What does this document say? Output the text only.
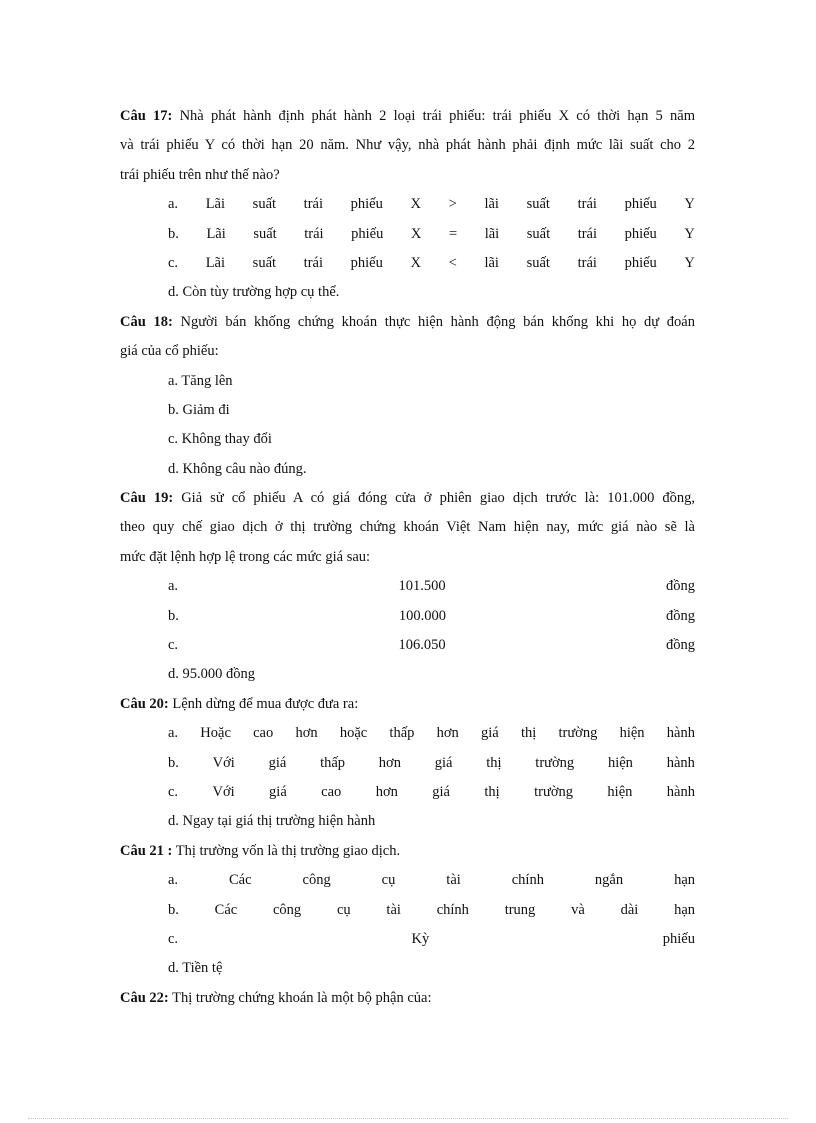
Câu 17: Nhà phát hành định phát hành 2 loại trái phiếu: trái phiếu X có thời hạn 5 năm
và trái phiếu Y có thời hạn 20 năm. Như vậy, nhà phát hành phải định mức lãi suất cho 2
trái phiếu trên như thế nào?
a. Lãi suất trái phiếu X > lãi suất trái phiếu Y
b. Lãi suất trái phiếu X = lãi suất trái phiếu Y
c. Lãi suất trái phiếu X < lãi suất trái phiếu Y
d. Còn tùy trường hợp cụ thể.
Câu 18: Người bán khống chứng khoán thực hiện hành động bán khống khi họ dự đoán
giá của cổ phiếu:
a. Tăng lên
b. Giảm đi
c. Không thay đổi
d. Không câu nào đúng.
Câu 19: Giả sử cổ phiếu A có giá đóng cửa ở phiên giao dịch trước là: 101.000 đồng,
theo quy chế giao dịch ở thị trường chứng khoán Việt Nam hiện nay, mức giá nào sẽ là
mức đặt lệnh hợp lệ trong các mức giá sau:
a.	101.500	đồng
b.	100.000	đồng
c.	106.050	đồng
d. 95.000 đồng
Câu 20: Lệnh dừng để mua được đưa ra:
a. Hoặc cao hơn hoặc thấp hơn giá thị trường hiện hành
b. Với giá thấp hơn giá thị trường hiện hành
c. Với giá cao hơn giá thị trường hiện hành
d. Ngay tại giá thị trường hiện hành
Câu 21 : Thị trường vốn là thị trường giao dịch.
a.	Các	công	cụ	tài	chính	ngắn	hạn
b. Các công cụ tài chính trung và dài hạn
c.	Kỳ	phiếu
d. Tiền tệ
Câu 22: Thị trường chứng khoán là một bộ phận của:
